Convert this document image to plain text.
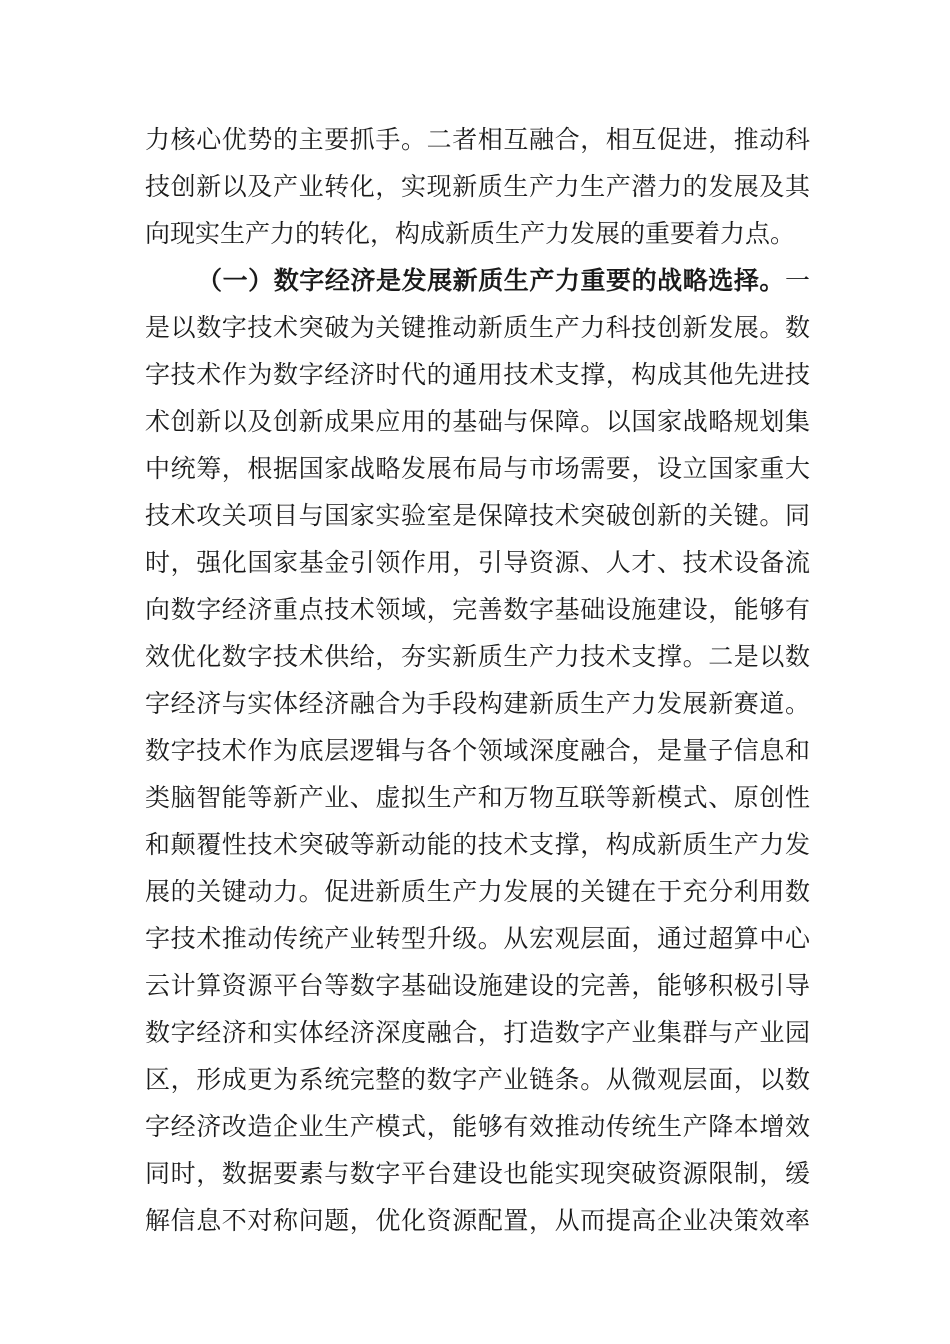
力核心优势的主要抓手。二者相互融合，相互促进，推动科
技创新以及产业转化，实现新质生产力生产潜力的发展及其
向现实生产力的转化，构成新质生产力发展的重要着力点。
（一）数字经济是发展新质生产力重要的战略选择。一
是以数字技术突破为关键推动新质生产力科技创新发展。数
字技术作为数字经济时代的通用技术支撑，构成其他先进技
术创新以及创新成果应用的基础与保障。以国家战略规划集
中统筹，根据国家战略发展布局与市场需要，设立国家重大
技术攻关项目与国家实验室是保障技术突破创新的关键。同
时，强化国家基金引领作用，引导资源、人才、技术设备流
向数字经济重点技术领域，完善数字基础设施建设，能够有
效优化数字技术供给，夯实新质生产力技术支撑。二是以数
字经济与实体经济融合为手段构建新质生产力发展新赛道。
数字技术作为底层逻辑与各个领域深度融合，是量子信息和
类脑智能等新产业、虚拟生产和万物互联等新模式、原创性
和颠覆性技术突破等新动能的技术支撑，构成新质生产力发
展的关键动力。促进新质生产力发展的关键在于充分利用数
字技术推动传统产业转型升级。从宏观层面，通过超算中心
云计算资源平台等数字基础设施建设的完善，能够积极引导
数字经济和实体经济深度融合，打造数字产业集群与产业园
区，形成更为系统完整的数字产业链条。从微观层面，以数
字经济改造企业生产模式，能够有效推动传统生产降本增效
同时，数据要素与数字平台建设也能实现突破资源限制，缓
解信息不对称问题，优化资源配置，从而提高企业决策效率
